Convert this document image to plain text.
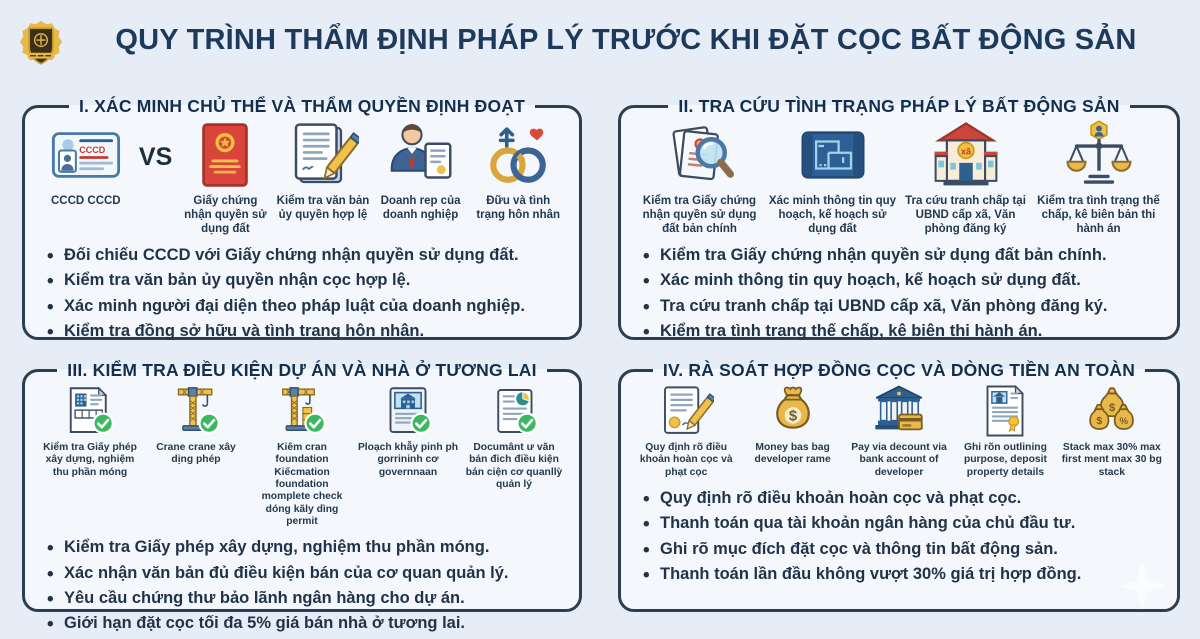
QUY TRÌNH THẨM ĐỊNH PHÁP LÝ TRƯỚC KHI ĐẶT CỌC BẤT ĐỘNG SẢN
I. XÁC MINH CHỦ THỂ VÀ THẨM QUYỀN ĐỊNH ĐOẠT
CCCD
CCCD CCCD
VS
Giấy chứng nhận quyền sử dụng đất
Kiểm tra văn bản ủy quyền hợp lệ
Doanh rep của doanh nghiệp
Đữu và tình trạng hôn nhân
• Đối chiếu CCCD với Giấy chứng nhận quyền sử dụng đất.
• Kiểm tra văn bản ủy quyền nhận cọc hợp lệ.
• Xác minh người đại diện theo pháp luật của doanh nghiệp.
• Kiểm tra đồng sở hữu và tình trạng hôn nhân.
II. TRA CỨU TÌNH TRẠNG PHÁP LÝ BẤT ĐỘNG SẢN
Kiểm tra Giấy chứng nhận quyền sử dụng đất bản chính
Xác minh thông tin quy hoạch, kế hoạch sử dụng đất
xã
Tra cứu tranh chấp tại UBND cấp xã, Văn phòng đăng ký
Kiểm tra tình trạng thế chấp, kê biên bản thi hành án
• Kiểm tra Giấy chứng nhận quyền sử dụng đất bản chính.
• Xác minh thông tin quy hoạch, kế hoạch sử dụng đất.
• Tra cứu tranh chấp tại UBND cấp xã, Văn phòng đăng ký.
• Kiểm tra tình trạng thế chấp, kê biên thi hành án.
III. KIỂM TRA ĐIỀU KIỆN DỰ ÁN VÀ NHÀ Ở TƯƠNG LAI
Kiểm tra Giấy phép xây dựng, nghiệm thu phần móng
Crane crane xây dịng phép
Kiêm cran foundation Kiếcmation foundation momplete check dóng kăly dìng permit
Ploạch khẫy pinh ph gorrininh cơ governnaan
Documânt ư văn bán đich điều kiện bán ciện cơ quanllỳ quản lý
• Kiểm tra Giấy phép xây dựng, nghiệm thu phần móng.
• Xác nhận văn bản đủ điều kiện bán của cơ quan quản lý.
• Yêu cầu chứng thư bảo lãnh ngân hàng cho dự án.
• Giới hạn đặt cọc tối đa 5% giá bán nhà ở tương lai.
IV. RÀ SOÁT HỢP ĐỒNG CỌC VÀ DÒNG TIỀN AN TOÀN
Quy định rõ điều khoản hoàn cọc và phạt cọc
$
Money bas bag developer rame
Pay via decount via bank account of developer
Ghi rõn outlining purpose, deposit property details
$
$ %
Stack max 30% max first ment max 30 bg stack
• Quy định rõ điều khoản hoàn cọc và phạt cọc.
• Thanh toán qua tài khoản ngân hàng của chủ đầu tư.
• Ghi rõ mục đích đặt cọc và thông tin bất động sản.
• Thanh toán lần đầu không vượt 30% giá trị hợp đồng.
